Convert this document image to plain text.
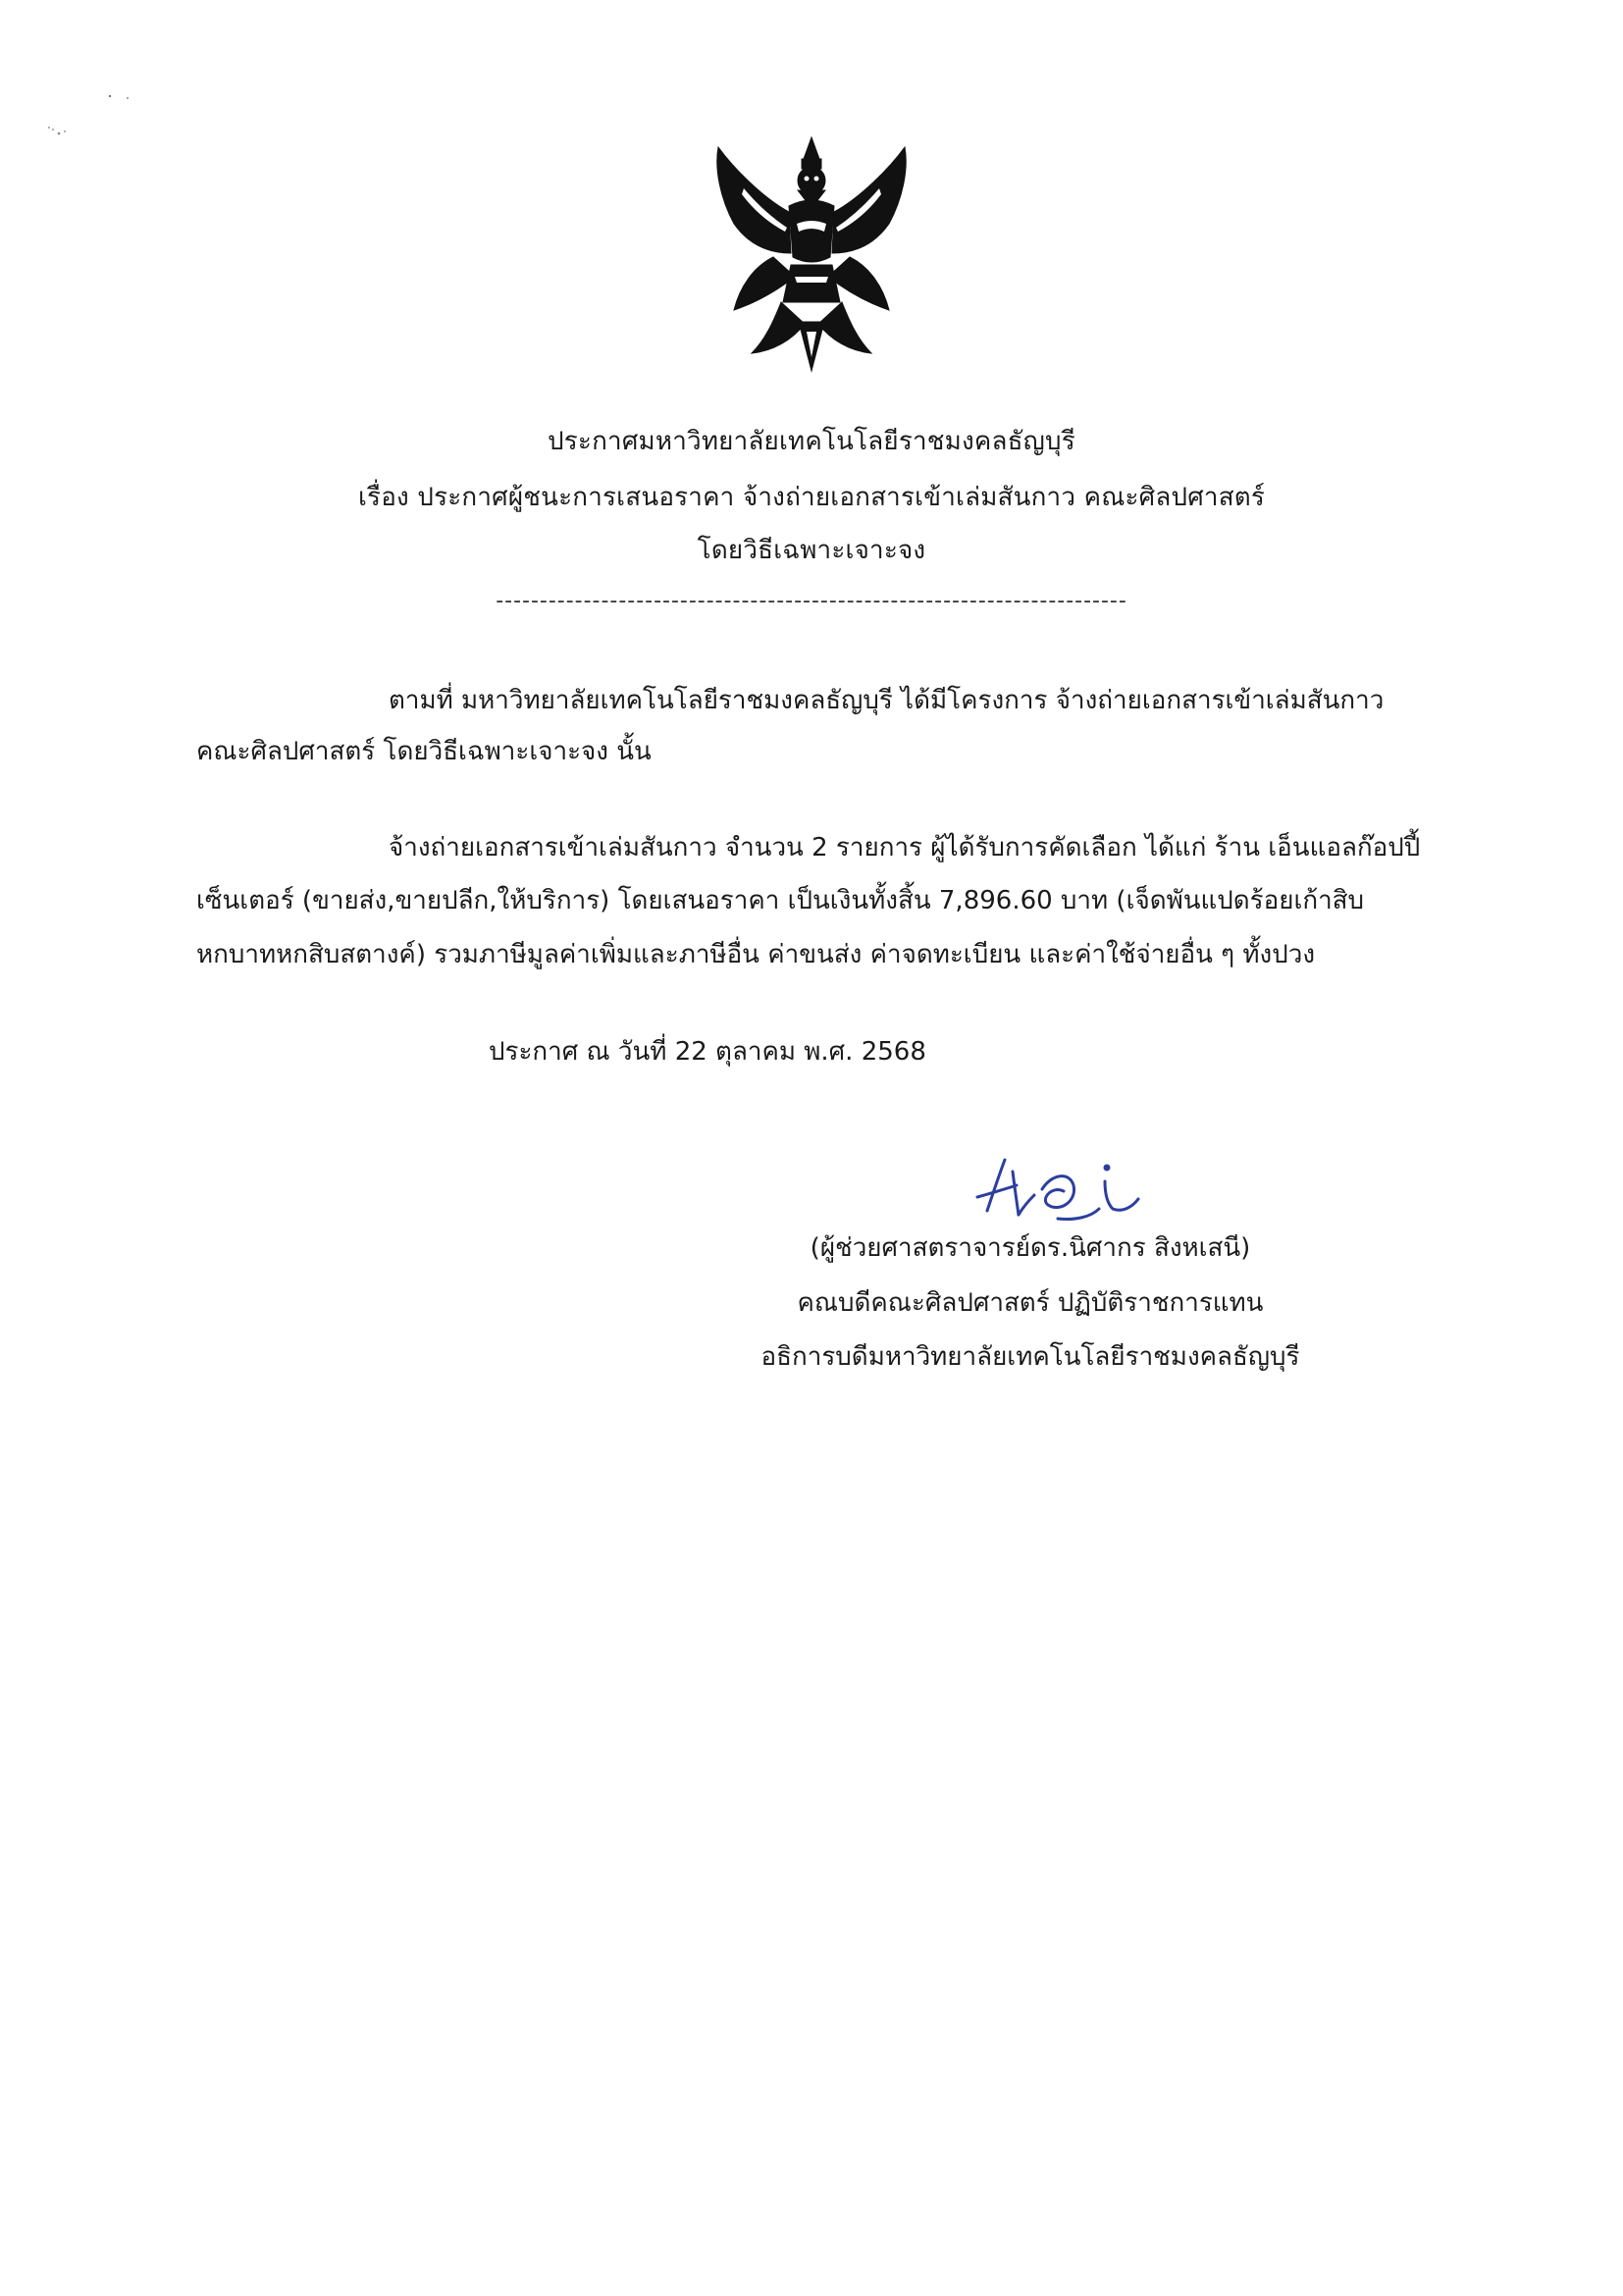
ประกาศมหาวิทยาลัยเทคโนโลยีราชมงคลธัญบุรี
เรื่อง ประกาศผู้ชนะการเสนอราคา จ้างถ่ายเอกสารเข้าเล่มสันกาว คณะศิลปศาสตร์
โดยวิธีเฉพาะเจาะจง
------------------------------------------------------------------------
ตามที่ มหาวิทยาลัยเทคโนโลยีราชมงคลธัญบุรี ได้มีโครงการ จ้างถ่ายเอกสารเข้าเล่มสันกาว
คณะศิลปศาสตร์ โดยวิธีเฉพาะเจาะจง นั้น
จ้างถ่ายเอกสารเข้าเล่มสันกาว จำนวน 2 รายการ ผู้ได้รับการคัดเลือก ได้แก่ ร้าน เอ็นแอลก๊อปปี้
เซ็นเตอร์ (ขายส่ง,ขายปลีก,ให้บริการ) โดยเสนอราคา เป็นเงินทั้งสิ้น 7,896.60 บาท (เจ็ดพันแปดร้อยเก้าสิบ
หกบาทหกสิบสตางค์) รวมภาษีมูลค่าเพิ่มและภาษีอื่น ค่าขนส่ง ค่าจดทะเบียน และค่าใช้จ่ายอื่น ๆ ทั้งปวง
ประกาศ ณ วันที่ 22 ตุลาคม พ.ศ. 2568
(ผู้ช่วยศาสตราจารย์ดร.นิศากร สิงหเสนี)
คณบดีคณะศิลปศาสตร์ ปฏิบัติราชการแทน
อธิการบดีมหาวิทยาลัยเทคโนโลยีราชมงคลธัญบุรี
